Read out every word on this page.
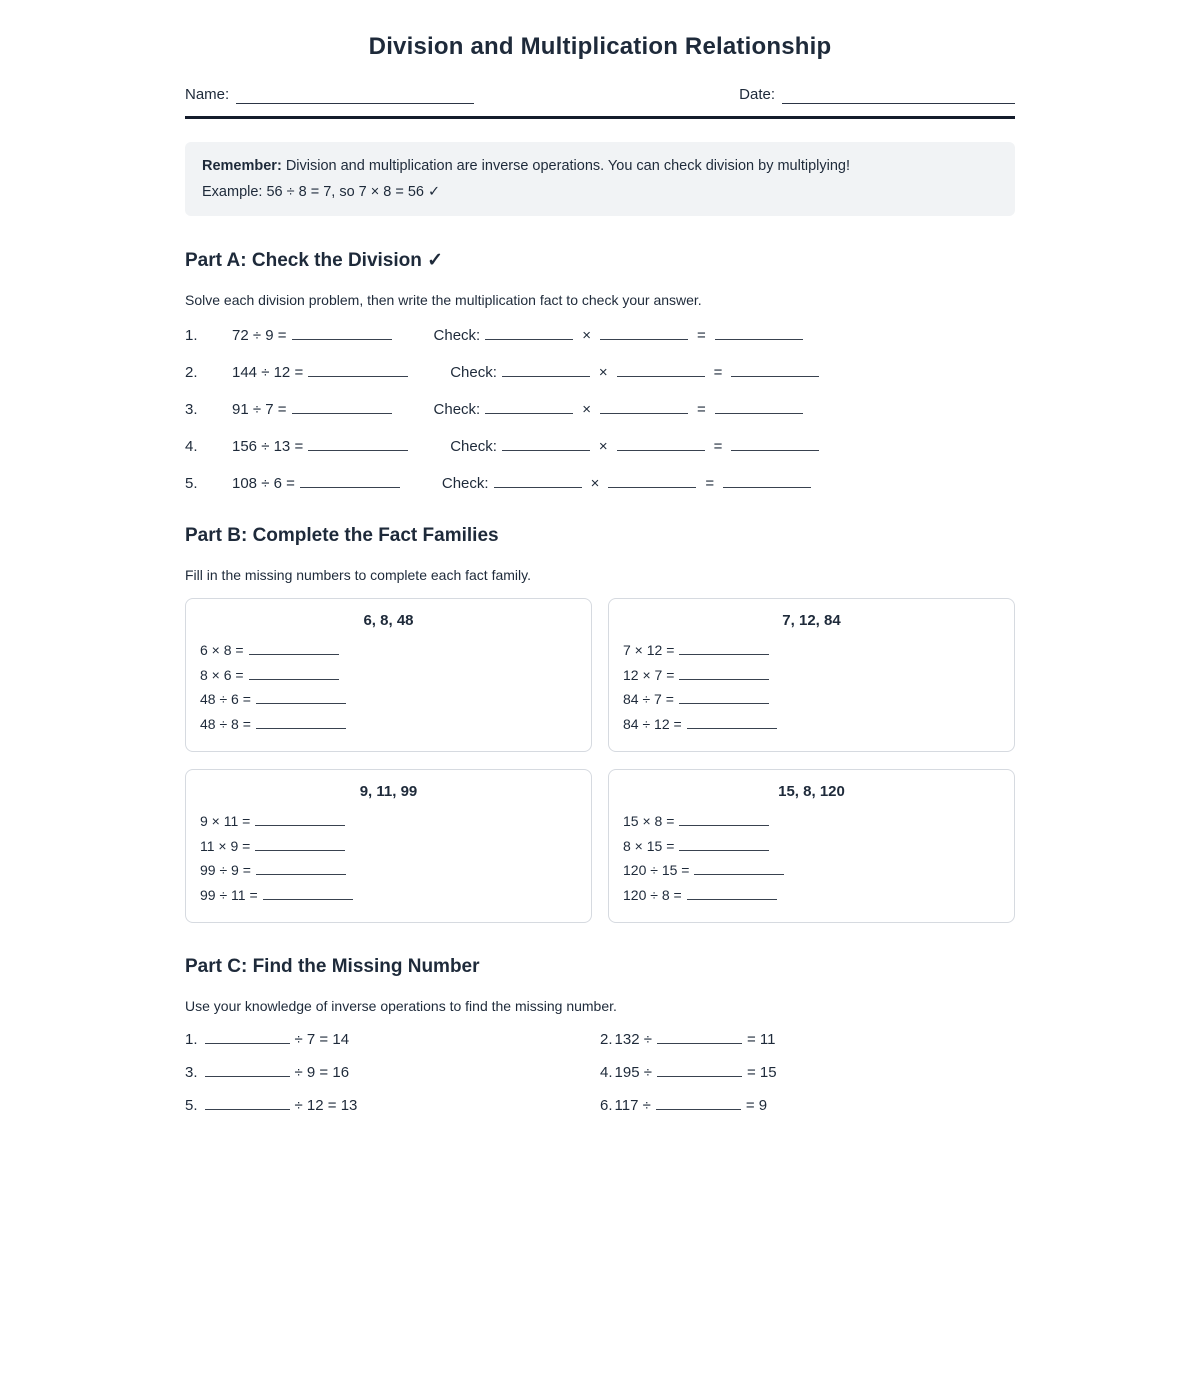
Division and Multiplication Relationship
Name:	Date:
Remember: Division and multiplication are inverse operations. You can check division by multiplying!
Example: 56 ÷ 8 = 7, so 7 × 8 = 56 ✓
Part A: Check the Division ✓
Solve each division problem, then write the multiplication fact to check your answer.
1. 72 ÷ 9 =	Check:	×	=
2. 144 ÷ 12 =	Check:	×	=
3. 91 ÷ 7 =	Check:	×	=
4. 156 ÷ 13 =	Check:	×	=
5. 108 ÷ 6 =	Check:	×	=
Part B: Complete the Fact Families
Fill in the missing numbers to complete each fact family.
6, 8, 48
6 × 8 =
8 × 6 =
48 ÷ 6 =
48 ÷ 8 =
7, 12, 84
7 × 12 =
12 × 7 =
84 ÷ 7 =
84 ÷ 12 =
9, 11, 99
9 × 11 =
11 × 9 =
99 ÷ 9 =
99 ÷ 11 =
15, 8, 120
15 × 8 =
8 × 15 =
120 ÷ 15 =
120 ÷ 8 =
Part C: Find the Missing Number
Use your knowledge of inverse operations to find the missing number.
1.	÷ 7 = 14	2. 132 ÷	= 11
3.	÷ 9 = 16	4. 195 ÷	= 15
5.	÷ 12 = 13	6. 117 ÷	= 9
